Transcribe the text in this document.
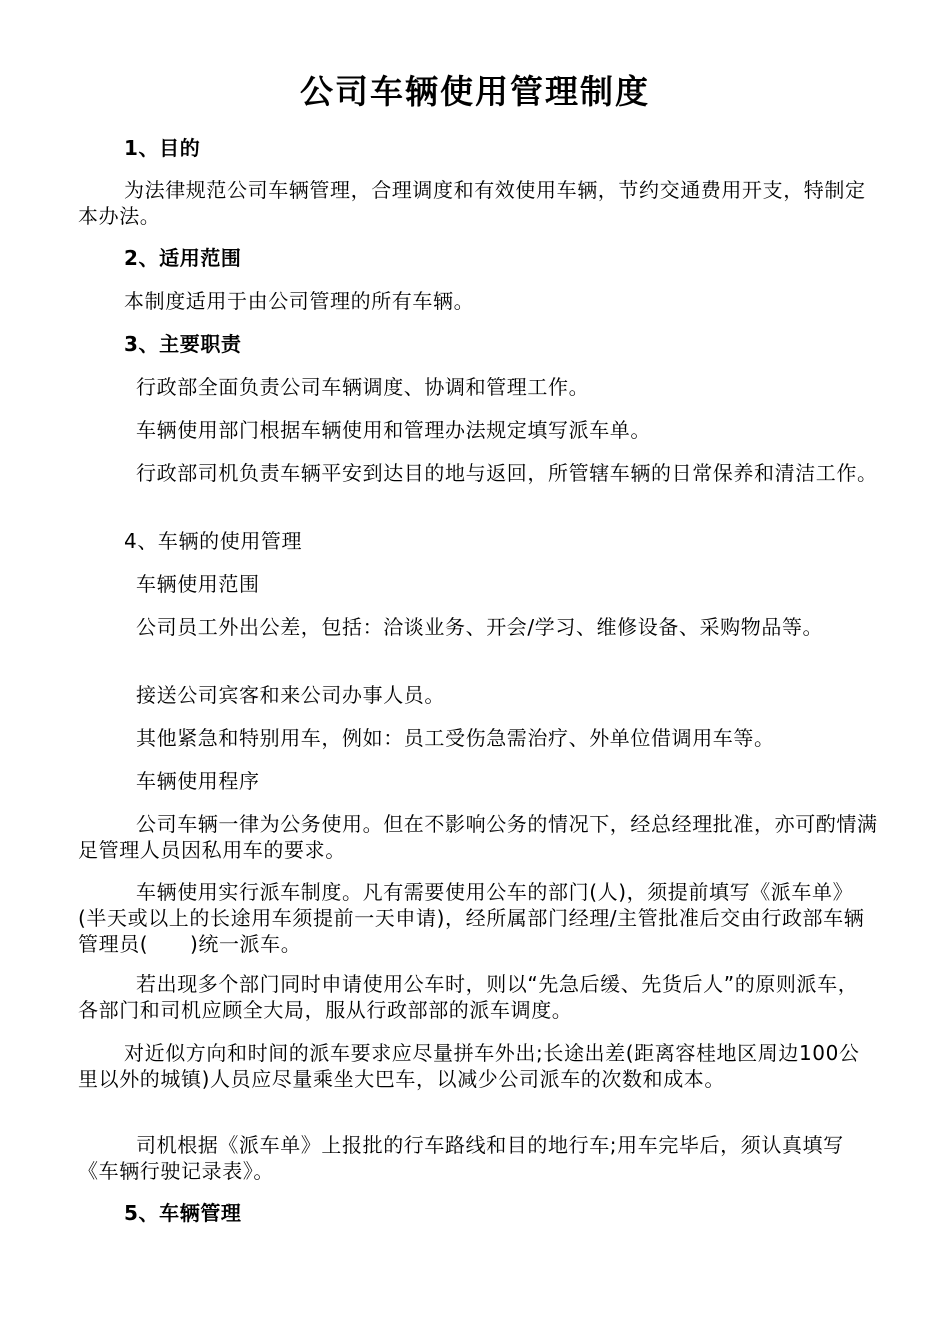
公司车辆使用管理制度
1、目的
为法律规范公司车辆管理，合理调度和有效使用车辆，节约交通费用开支，特制定本办法。
2、适用范围
本制度适用于由公司管理的所有车辆。
3、主要职责
行政部全面负责公司车辆调度、协调和管理工作。
车辆使用部门根据车辆使用和管理办法规定填写派车单。
行政部司机负责车辆平安到达目的地与返回，所管辖车辆的日常保养和清洁工作。
4、车辆的使用管理
车辆使用范围
公司员工外出公差，包括：洽谈业务、开会/学习、维修设备、采购物品等。
接送公司宾客和来公司办事人员。
其他紧急和特别用车，例如：员工受伤急需治疗、外单位借调用车等。
车辆使用程序
公司车辆一律为公务使用。但在不影响公务的情况下，经总经理批准，亦可酌情满足管理人员因私用车的要求。
车辆使用实行派车制度。凡有需要使用公车的部门(人)，须提前填写《派车单》(半天或以上的长途用车须提前一天申请)，经所属部门经理/主管批准后交由行政部车辆管理员(      )统一派车。
若出现多个部门同时申请使用公车时，则以“先急后缓、先货后人”的原则派车，各部门和司机应顾全大局，服从行政部部的派车调度。
对近似方向和时间的派车要求应尽量拼车外出;长途出差(距离容桂地区周边100公里以外的城镇)人员应尽量乘坐大巴车，以减少公司派车的次数和成本。
司机根据《派车单》上报批的行车路线和目的地行车;用车完毕后，须认真填写《车辆行驶记录表》。
5、车辆管理
